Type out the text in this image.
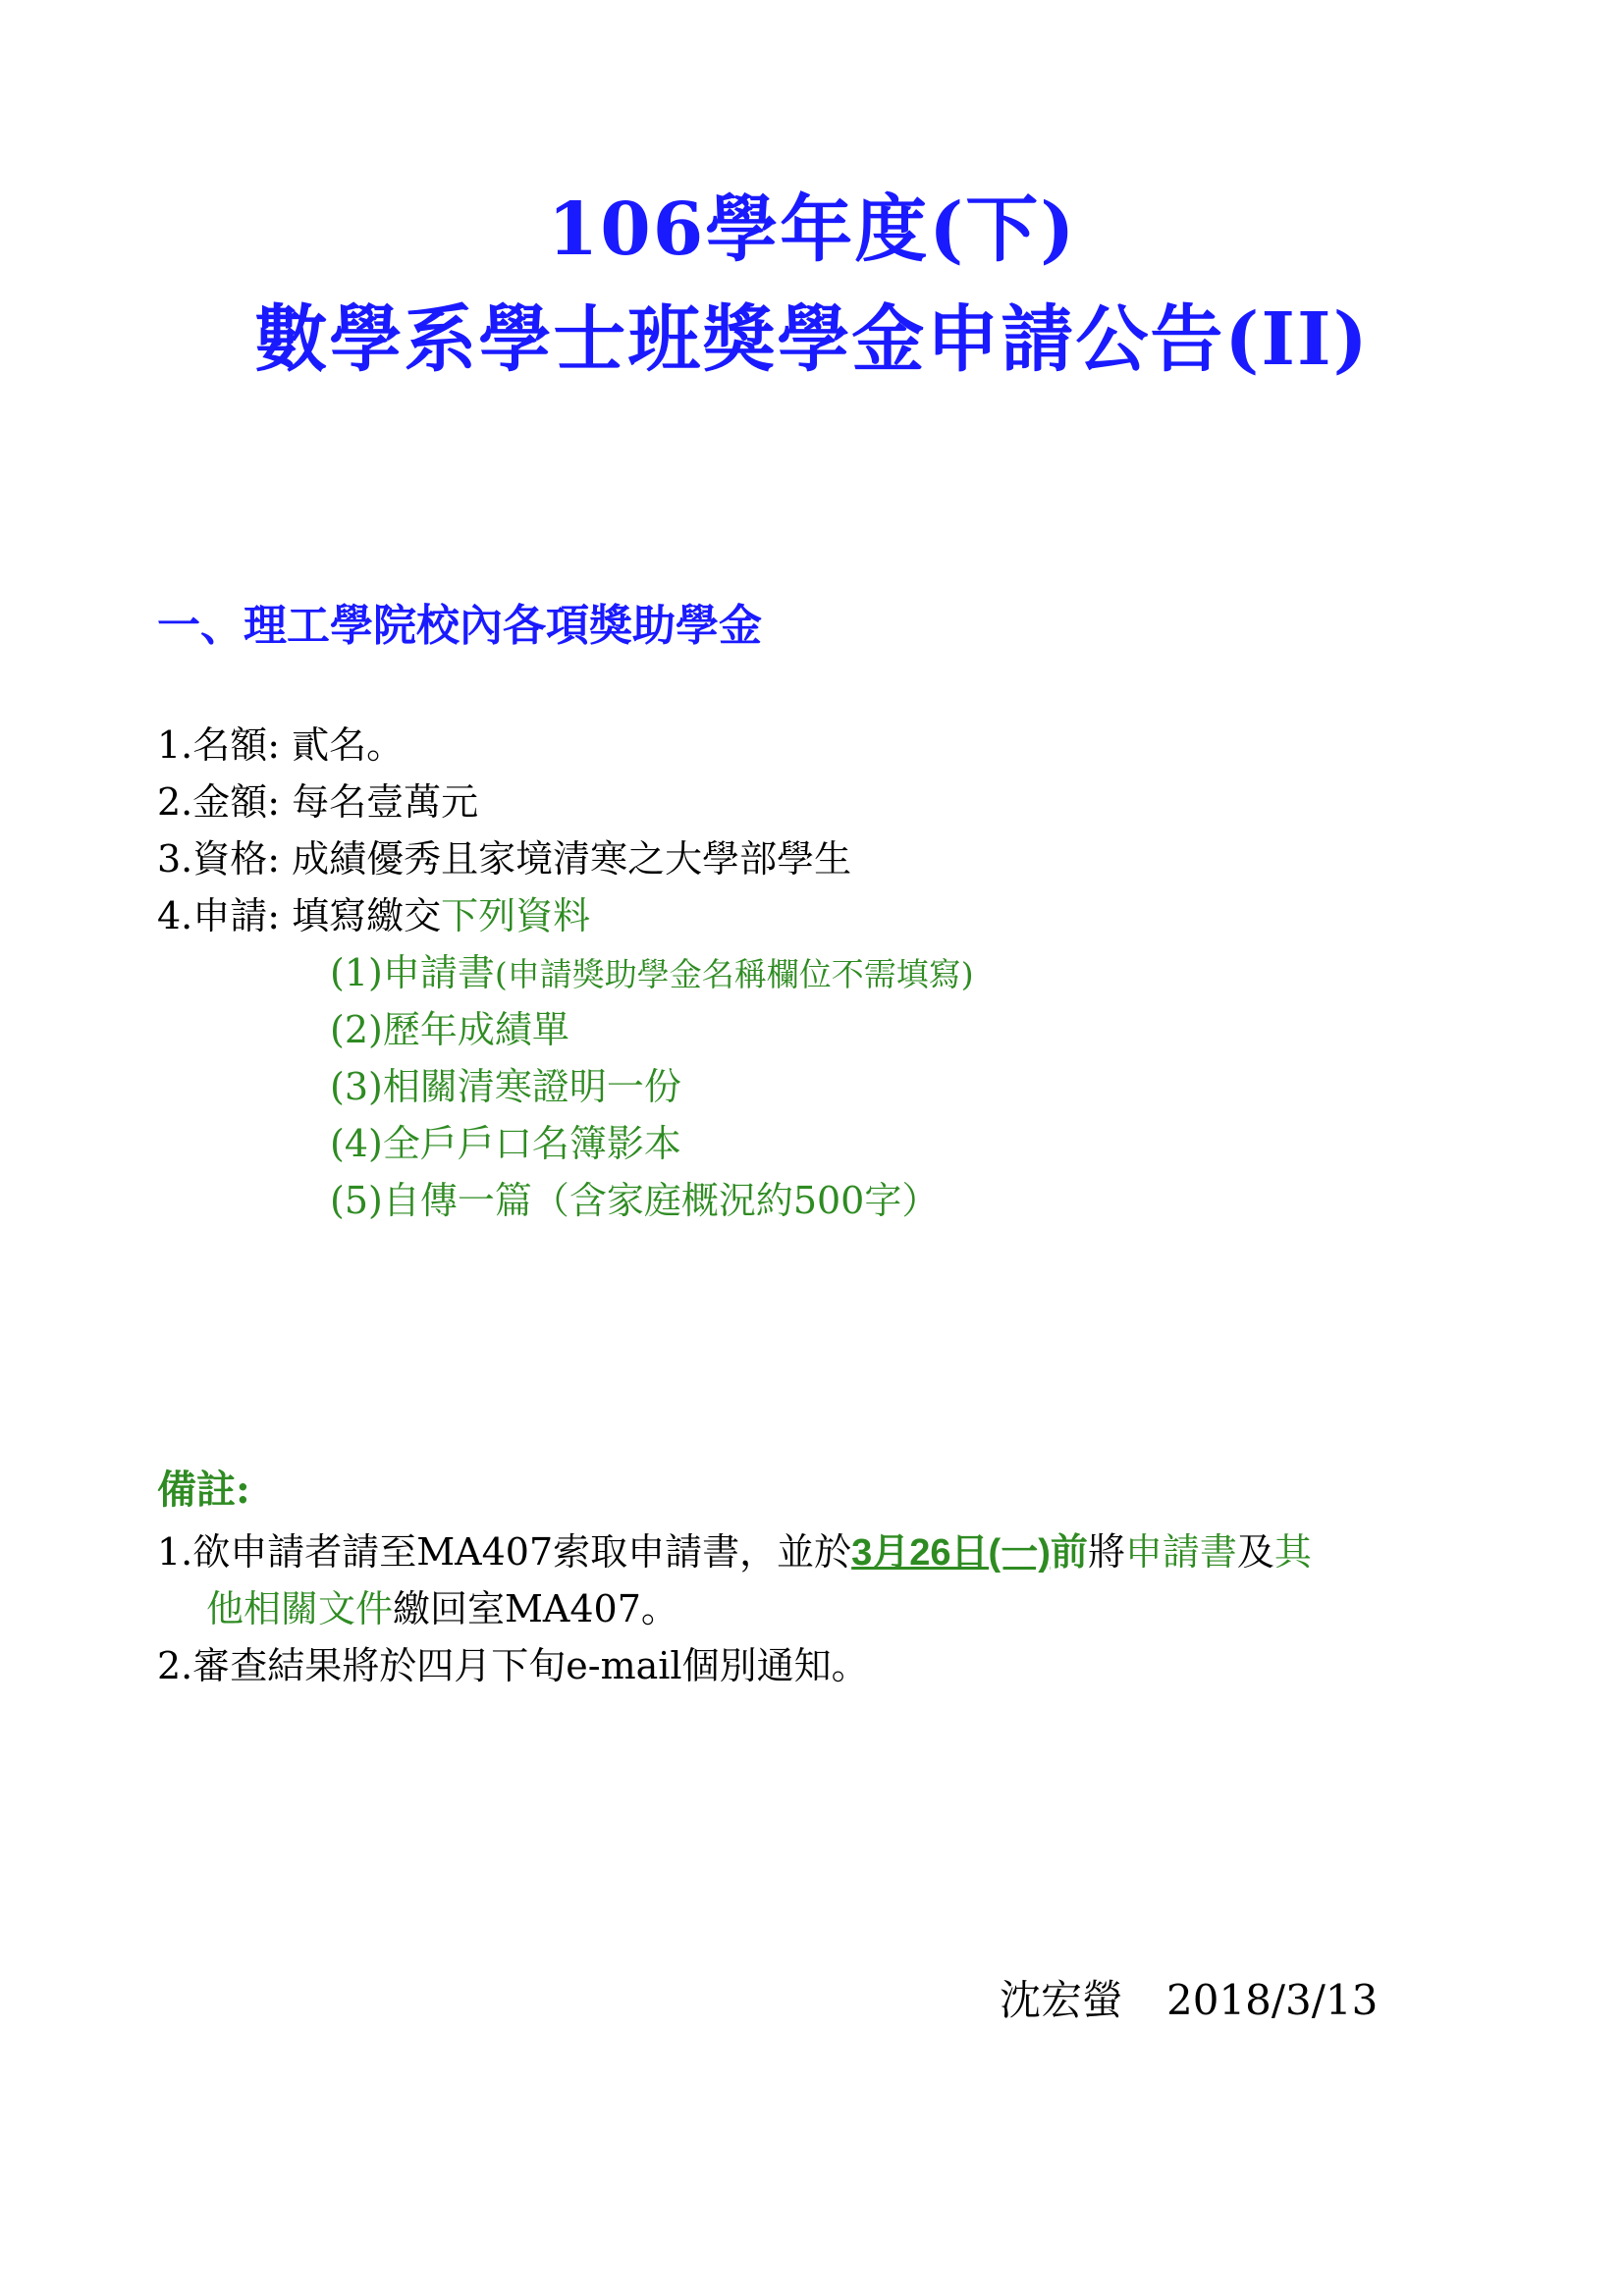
106學年度(下)
數學系學士班獎學金申請公告(II)
一、理工學院校內各項獎助學金
1.名額: 貳名。
2.金額: 每名壹萬元
3.資格: 成績優秀且家境清寒之大學部學生
4.申請: 填寫繳交下列資料
(1)申請書(申請獎助學金名稱欄位不需填寫)
(2)歷年成績單
(3)相關清寒證明一份
(4)全戶戶口名簿影本
(5)自傳一篇（含家庭概況約500字）
備註:
1.欲申請者請至MA407索取申請書，並於3月26日(一)前將申請書及其
他相關文件繳回室MA407。
2.審查結果將於四月下旬e-mail個別通知。
沈宏螢 2018/3/13
